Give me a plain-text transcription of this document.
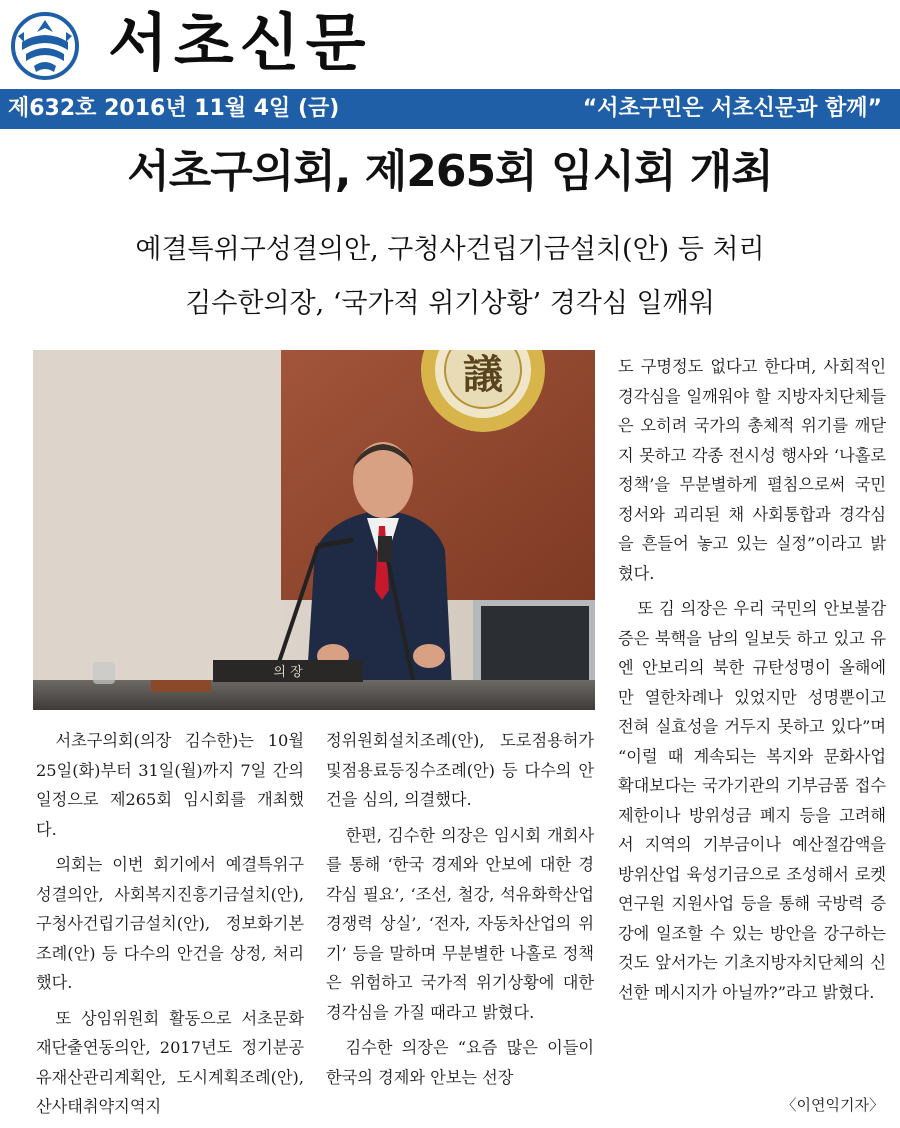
서초신문
제632호 2016년 11월 4일 (금)	“서초구민은 서초신문과 함께”
서초구의회, 제265회 임시회 개최
예결특위구성결의안, 구청사건립기금설치(안) 등 처리
김수한의장, ‘국가적 위기상황’ 경각심 일깨워
議
의 장

서초구의회(의장 김수한)는 10월 25일(화)부터 31일(월)까지 7일 간의 일정으로 제265회 임시회를 개최했다.

의회는 이번 회기에서 예결특위구성결의안, 사회복지진흥기금설치(안), 구청사건립기금설치(안), 정보화기본조례(안) 등 다수의 안건을 상정, 처리했다.

또 상임위원회 활동으로 서초문화재단출연동의안, 2017년도 정기분공유재산관리계획안, 도시계획조례(안), 산사태취약지역지

정위원회설치조례(안), 도로점용허가및점용료등징수조례(안) 등 다수의 안건을 심의, 의결했다.

한편, 김수한 의장은 임시회 개회사를 통해 ‘한국 경제와 안보에 대한 경각심 필요’, ‘조선, 철강, 석유화학산업 경쟁력 상실’, ‘전자, 자동차산업의 위기’ 등을 말하며 무분별한 나홀로 정책은 위험하고 국가적 위기상황에 대한 경각심을 가질 때라고 밝혔다.

김수한 의장은 “요즘 많은 이들이 한국의 경제와 안보는 선장

도 구명정도 없다고 한다며, 사회적인 경각심을 일깨워야 할 지방자치단체들은 오히려 국가의 총체적 위기를 깨닫지 못하고 각종 전시성 행사와 ‘나홀로 정책’을 무분별하게 펼침으로써 국민정서와 괴리된 채 사회통합과 경각심을 흔들어 놓고 있는 실정”이라고 밝혔다.

또 김 의장은 우리 국민의 안보불감증은 북핵을 남의 일보듯 하고 있고 유엔 안보리의 북한 규탄성명이 올해에만 열한차례나 있었지만 성명뿐이고 전혀 실효성을 거두지 못하고 있다”며 “이럴 때 계속되는 복지와 문화사업 확대보다는 국가기관의 기부금품 접수 제한이나 방위성금 폐지 등을 고려해서 지역의 기부금이나 예산절감액을 방위산업 육성기금으로 조성해서 로켓연구원 지원사업 등을 통해 국방력 증강에 일조할 수 있는 방안을 강구하는 것도 앞서가는 기초지방자치단체의 신선한 메시지가 아닐까?”라고 밝혔다.

〈이연익기자〉
